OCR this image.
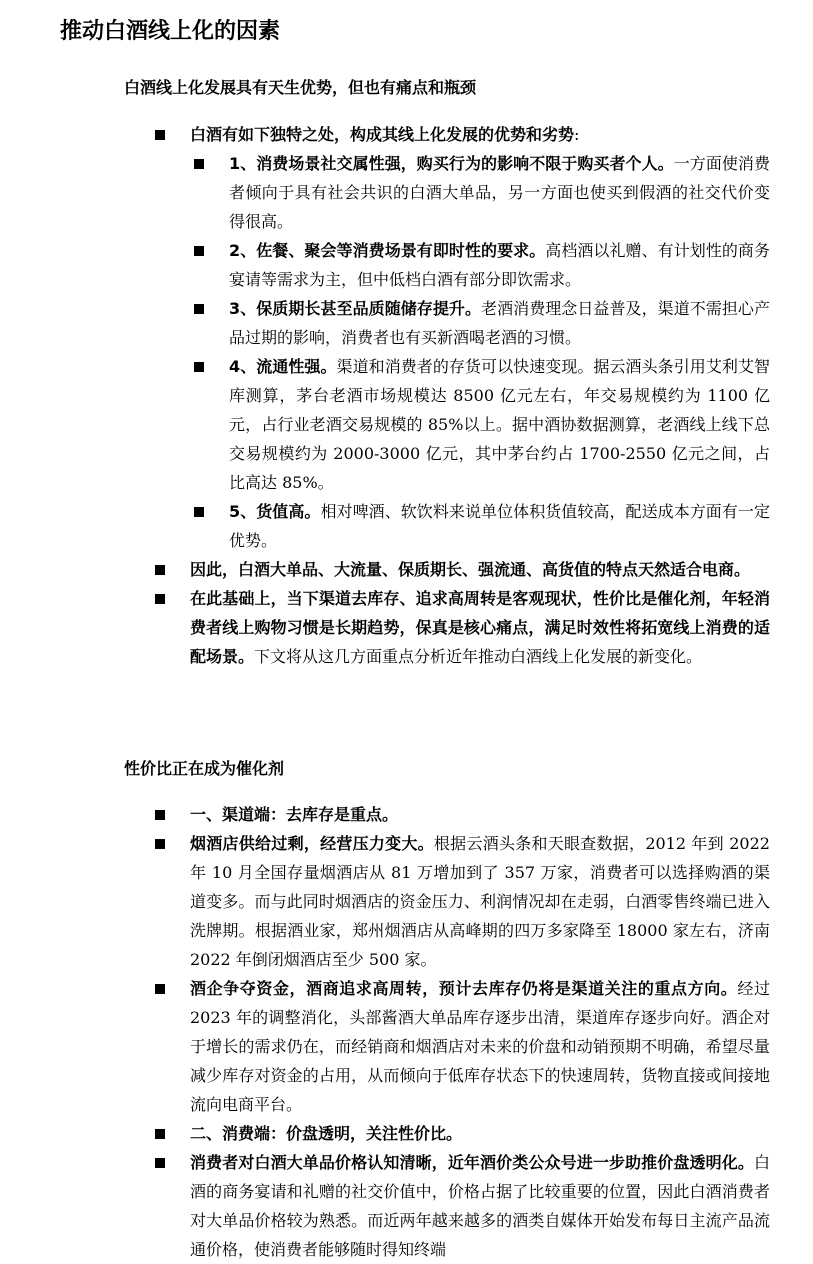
推动白酒线上化的因素
白酒线上化发展具有天生优势，但也有痛点和瓶颈
白酒有如下独特之处，构成其线上化发展的优势和劣势:
1、消费场景社交属性强，购买行为的影响不限于购买者个人。一方面使消费者倾向于具有社会共识的白酒大单品，另一方面也使买到假酒的社交代价变得很高。
2、佐餐、聚会等消费场景有即时性的要求。高档酒以礼赠、有计划性的商务宴请等需求为主，但中低档白酒有部分即饮需求。
3、保质期长甚至品质随储存提升。老酒消费理念日益普及，渠道不需担心产品过期的影响，消费者也有买新酒喝老酒的习惯。
4、流通性强。渠道和消费者的存货可以快速变现。据云酒头条引用艾利艾智库测算，茅台老酒市场规模达 8500 亿元左右，年交易规模约为 1100 亿元，占行业老酒交易规模的 85%以上。据中酒协数据测算，老酒线上线下总交易规模约为 2000-3000 亿元，其中茅台约占 1700-2550 亿元之间，占比高达 85%。
5、货值高。相对啤酒、软饮料来说单位体积货值较高，配送成本方面有一定优势。
因此，白酒大单品、大流量、保质期长、强流通、高货值的特点天然适合电商。
在此基础上，当下渠道去库存、追求高周转是客观现状，性价比是催化剂，年轻消费者线上购物习惯是长期趋势，保真是核心痛点，满足时效性将拓宽线上消费的适配场景。下文将从这几方面重点分析近年推动白酒线上化发展的新变化。
性价比正在成为催化剂
一、渠道端：去库存是重点。
烟酒店供给过剩，经营压力变大。根据云酒头条和天眼查数据，2012 年到 2022 年 10 月全国存量烟酒店从 81 万增加到了 357 万家，消费者可以选择购酒的渠道变多。而与此同时烟酒店的资金压力、利润情况却在走弱，白酒零售终端已进入洗牌期。根据酒业家，郑州烟酒店从高峰期的四万多家降至 18000 家左右，济南 2022 年倒闭烟酒店至少 500 家。
酒企争夺资金，酒商追求高周转，预计去库存仍将是渠道关注的重点方向。经过 2023 年的调整消化，头部酱酒大单品库存逐步出清，渠道库存逐步向好。酒企对于增长的需求仍在，而经销商和烟酒店对未来的价盘和动销预期不明确，希望尽量减少库存对资金的占用，从而倾向于低库存状态下的快速周转，货物直接或间接地流向电商平台。
二、消费端：价盘透明，关注性价比。
消费者对白酒大单品价格认知清晰，近年酒价类公众号进一步助推价盘透明化。白酒的商务宴请和礼赠的社交价值中，价格占据了比较重要的位置，因此白酒消费者对大单品价格较为熟悉。而近两年越来越多的酒类自媒体开始发布每日主流产品流通价格，使消费者能够随时得知终端
